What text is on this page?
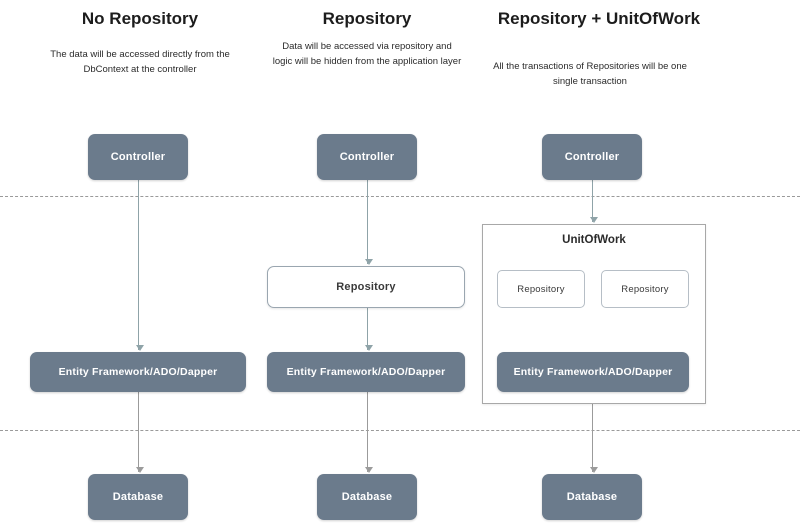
No Repository
The data will be accessed directly from the DbContext at the controller
Controller
Entity Framework/ADO/Dapper
Database
Repository
Data will be accessed via repository and logic will be hidden from the application layer
Controller
Repository
Entity Framework/ADO/Dapper
Database
Repository + UnitOfWork
All the transactions of Repositories will be one single transaction
Controller
UnitOfWork
Repository	Repository
Entity Framework/ADO/Dapper
Database
